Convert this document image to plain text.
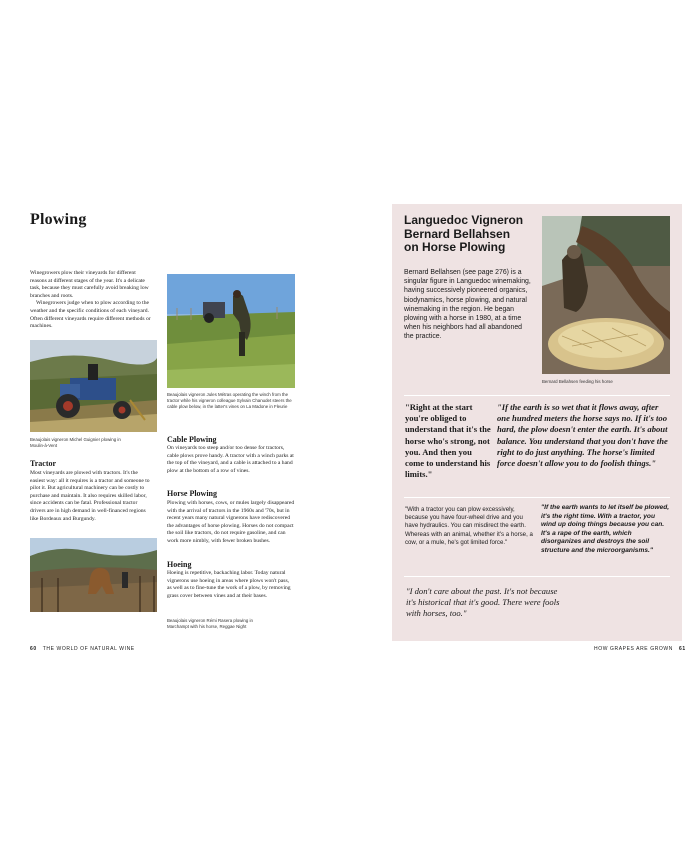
Plowing
Winegrowers plow their vineyards for different reasons at different stages of the year. It's a delicate task, because they must carefully avoid breaking low branches and roots.
Winegrowers judge when to plow according to the weather and the specific conditions of each vineyard. Often different vineyards require different methods or machines.
Beaujolais vigneron Michel Guignier plowing in Moulin-à-Vent
Tractor
Most vineyards are plowed with tractors. It's the easiest way: all it requires is a tractor and someone to pilot it. But agricultural machinery can be costly to purchase and maintain. It also requires skilled labor, since accidents can be fatal. Professional tractor drivers are in high demand in well-financed regions like Bordeaux and Burgundy.
Beaujolais vigneron Rémi Rasera plowing in Marchampt with his horse, Reggae Night
Beaujolais vigneron Jules Métras operating the winch from the tractor while his vigneron colleague Sylvain Chanudet steers the cable plow below, in the latter's vines on La Madone in Fleurie
Cable Plowing
On vineyards too steep and/or too dense for tractors, cable plows prove handy. A tractor with a winch parks at the top of the vineyard, and a cable is attached to a hand plow at the bottom of a row of vines.
Horse Plowing
Plowing with horses, cows, or mules largely disappeared with the arrival of tractors in the 1960s and '70s, but in recent years many natural vignerons have rediscovered the advantages of horse plowing. Horses do not compact the soil like tractors, do not require gasoline, and can work more nimbly, with fewer broken bushes.
Hoeing
Hoeing is repetitive, backaching labor. Today natural vignerons use hoeing in areas where plows won't pass, as well as to fine-tune the work of a plow, by removing grass cover between vines and at their bases.
60 THE WORLD OF NATURAL WINE
Languedoc Vigneron
Bernard Bellahsen
on Horse Plowing
Bernard Bellahsen (see page 276) is a singular figure in Languedoc winemaking, having successively pioneered organics, biodynamics, horse plowing, and natural winemaking in the region. He began plowing with a horse in 1980, at a time when his neighbors had all abandoned the practice.
Bernard Bellahsen feeding his horse
"Right at the start you're obliged to understand that it's the horse who's strong, not you. And then you come to understand his limits."
"If the earth is so wet that it flows away, after one hundred meters the horse says no. If it's too hard, the plow doesn't enter the earth. It's about balance. You understand that you don't have the right to do just anything. The horse's limited force doesn't allow you to do foolish things."
"With a tractor you can plow excessively, because you have four-wheel drive and you have hydraulics. You can misdirect the earth. Whereas with an animal, whether it's a horse, a cow, or a mule, he's got limited force."
"If the earth wants to let itself be plowed, it's the right time. With a tractor, you wind up doing things because you can. It's a rape of the earth, which disorganizes and destroys the soil structure and the microorganisms."
"I don't care about the past. It's not because it's historical that it's good. There were fools with horses, too."
HOW GRAPES ARE GROWN 61
